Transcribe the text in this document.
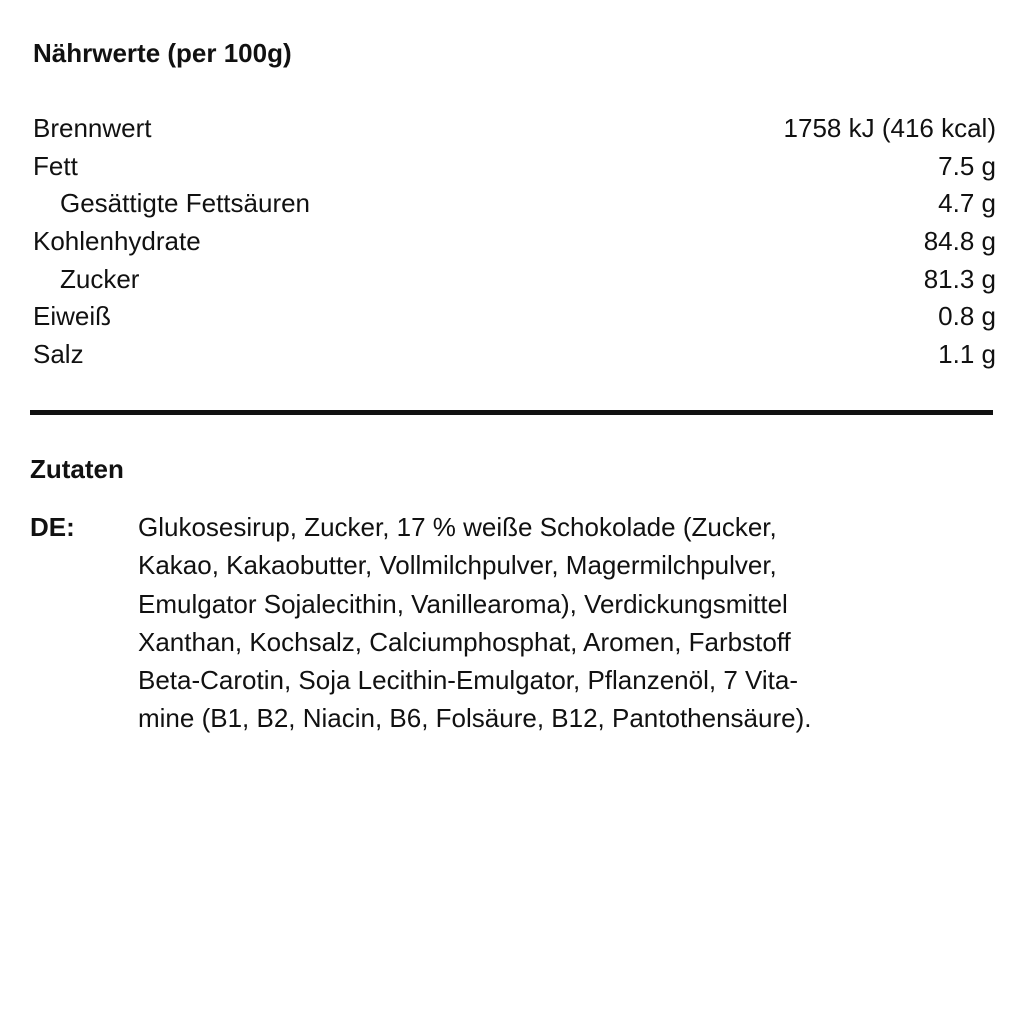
Nährwerte (per 100g)
Brennwert	1758 kJ (416 kcal)
Fett	7.5 g
Gesättigte Fettsäuren	4.7 g
Kohlenhydrate	84.8 g
Zucker	81.3 g
Eiweiß	0.8 g
Salz	1.1 g
Zutaten
DE: Glukosesirup, Zucker, 17 % weiße Schokolade (Zucker,
Kakao, Kakaobutter, Vollmilchpulver, Magermilchpulver,
Emulgator Sojalecithin, Vanillearoma), Verdickungsmittel
Xanthan, Kochsalz, Calciumphosphat, Aromen, Farbstoff
Beta-Carotin, Soja Lecithin-Emulgator, Pflanzenöl, 7 Vita-
mine (B1, B2, Niacin, B6, Folsäure, B12, Pantothensäure).
